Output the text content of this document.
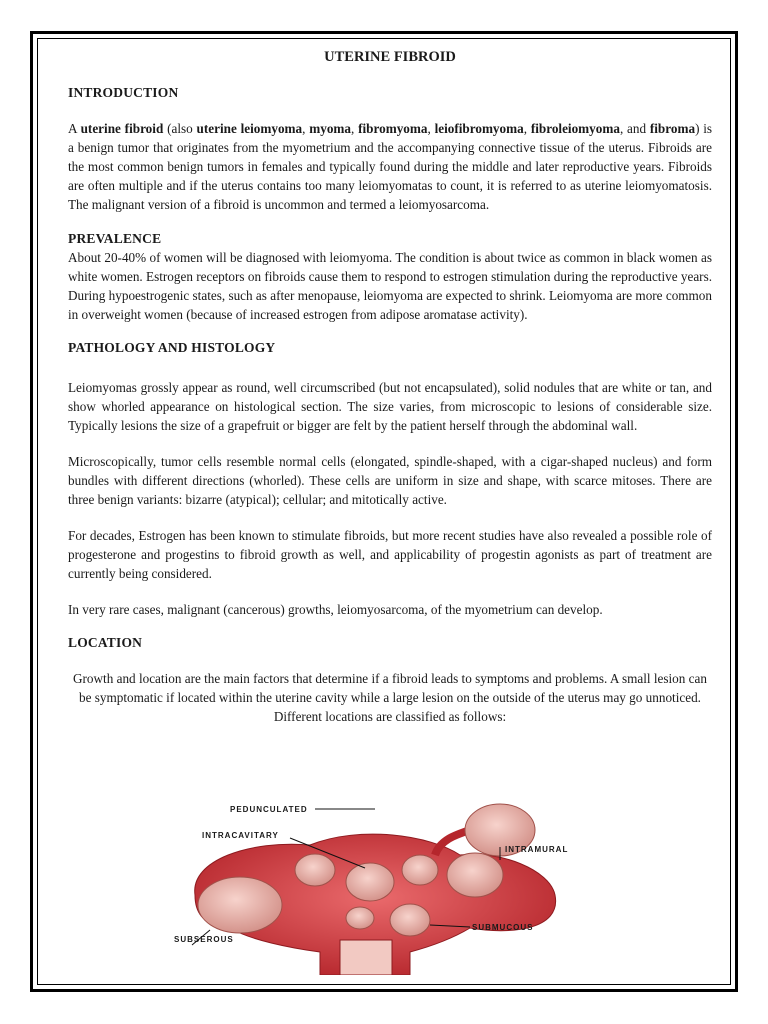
UTERINE FIBROID
INTRODUCTION

A uterine fibroid (also uterine leiomyoma, myoma, fibromyoma, leiofibromyoma, fibroleiomyoma, and fibroma) is a benign tumor that originates from the myometrium and the accompanying connective tissue of the uterus. Fibroids are the most common benign tumors in females and typically found during the middle and later reproductive years. Fibroids are often multiple and if the uterus contains too many leiomyomatas to count, it is referred to as uterine leiomyomatosis. The malignant version of a fibroid is uncommon and termed a leiomyosarcoma.

PREVALENCE

About 20-40% of women will be diagnosed with leiomyoma. The condition is about twice as common in black women as white women. Estrogen receptors on fibroids cause them to respond to estrogen stimulation during the reproductive years. During hypoestrogenic states, such as after menopause, leiomyoma are expected to shrink. Leiomyoma are more common in overweight women (because of increased estrogen from adipose aromatase activity).

PATHOLOGY AND HISTOLOGY

Leiomyomas grossly appear as round, well circumscribed (but not encapsulated), solid nodules that are white or tan, and show whorled appearance on histological section. The size varies, from microscopic to lesions of considerable size. Typically lesions the size of a grapefruit or bigger are felt by the patient herself through the abdominal wall.

Microscopically, tumor cells resemble normal cells (elongated, spindle-shaped, with a cigar-shaped nucleus) and form bundles with different directions (whorled). These cells are uniform in size and shape, with scarce mitoses. There are three benign variants: bizarre (atypical); cellular; and mitotically active.

For decades, Estrogen has been known to stimulate fibroids, but more recent studies have also revealed a possible role of progesterone and progestins to fibroid growth as well, and applicability of progestin agonists as part of treatment are currently being considered.

In very rare cases, malignant (cancerous) growths, leiomyosarcoma, of the myometrium can develop.

LOCATION

Growth and location are the main factors that determine if a fibroid leads to symptoms and problems. A small lesion can be symptomatic if located within the uterine cavity while a large lesion on the outside of the uterus may go unnoticed. Different locations are classified as follows:

PEDUNCULATED
INTRACAVITARY
INTRAMURAL
SUBSEROUS
SUBMUCOUS
